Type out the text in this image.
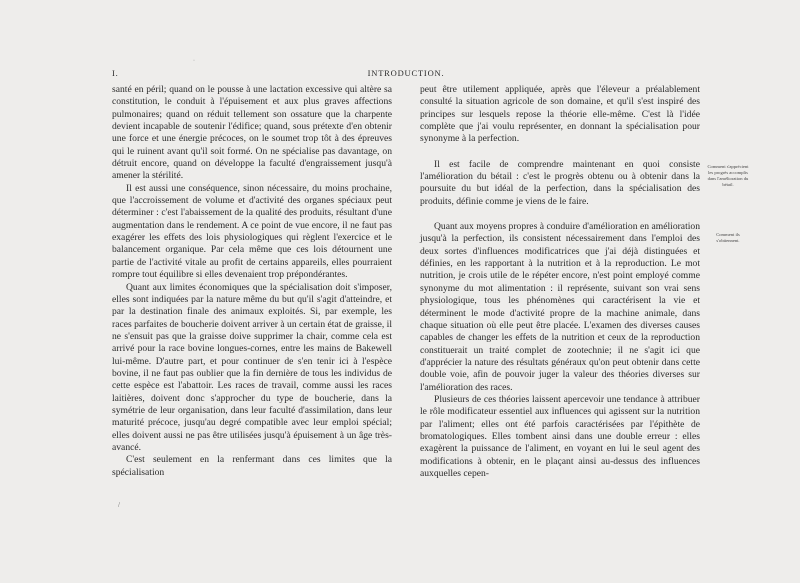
·
I.	INTRODUCTION.

santé en péril; quand on le pousse à une lactation excessive qui altère sa constitution, le conduit à l'épuisement et aux plus graves affections pulmonaires; quand on réduit tellement son ossature que la charpente devient incapable de soutenir l'édifice; quand, sous prétexte d'en obtenir une force et une énergie précoces, on le soumet trop tôt à des épreuves qui le ruinent avant qu'il soit formé. On ne spécialise pas davantage, on détruit encore, quand on développe la faculté d'engraissement jusqu'à amener la stérilité.

Il est aussi une conséquence, sinon nécessaire, du moins prochaine, que l'accroissement de volume et d'activité des organes spéciaux peut déterminer : c'est l'abaissement de la qualité des produits, résultant d'une augmentation dans le rendement. A ce point de vue encore, il ne faut pas exagérer les effets des lois physiologiques qui règlent l'exercice et le balancement organique. Par cela même que ces lois détournent une partie de l'activité vitale au profit de certains appareils, elles pourraient rompre tout équilibre si elles devenaient trop prépondérantes.

Quant aux limites économiques que la spécialisation doit s'imposer, elles sont indiquées par la nature même du but qu'il s'agit d'atteindre, et par la destination finale des animaux exploités. Si, par exemple, les races parfaites de boucherie doivent arriver à un certain état de graisse, il ne s'ensuit pas que la graisse doive supprimer la chair, comme cela est arrivé pour la race bovine longues-cornes, entre les mains de Bakewell lui-même. D'autre part, et pour continuer de s'en tenir ici à l'espèce bovine, il ne faut pas oublier que la fin dernière de tous les individus de cette espèce est l'abattoir. Les races de travail, comme aussi les races laitières, doivent donc s'approcher du type de boucherie, dans la symétrie de leur organisation, dans leur faculté d'assimilation, dans leur maturité précoce, jusqu'au degré compatible avec leur emploi spécial; elles doivent aussi ne pas être utilisées jusqu'à épuisement à un âge très-avancé.

C'est seulement en la renfermant dans ces limites que la spécialisation

peut être utilement appliquée, après que l'éleveur a préalablement consulté la situation agricole de son domaine, et qu'il s'est inspiré des principes sur lesquels repose la théorie elle-même. C'est là l'idée complète que j'ai voulu représenter, en donnant la spécialisation pour synonyme à la perfection.

Il est facile de comprendre maintenant en quoi consiste l'amélioration du bétail : c'est le progrès obtenu ou à obtenir dans la poursuite du but idéal de la perfection, dans la spécialisation des produits, définie comme je viens de le faire.

Quant aux moyens propres à conduire d'amélioration en amélioration jusqu'à la perfection, ils consistent nécessairement dans l'emploi des deux sortes d'influences modificatrices que j'ai déjà distinguées et définies, en les rapportant à la nutrition et à la reproduction. Le mot nutrition, je crois utile de le répéter encore, n'est point employé comme synonyme du mot alimentation : il représente, suivant son vrai sens physiologique, tous les phénomènes qui caractérisent la vie et déterminent le mode d'activité propre de la machine animale, dans chaque situation où elle peut être placée. L'examen des diverses causes capables de changer les effets de la nutrition et ceux de la reproduction constituerait un traité complet de zootechnie; il ne s'agit ici que d'apprécier la nature des résultats généraux qu'on peut obtenir dans cette double voie, afin de pouvoir juger la valeur des théories diverses sur l'amélioration des races.

Plusieurs de ces théories laissent apercevoir une tendance à attribuer le rôle modificateur essentiel aux influences qui agissent sur la nutrition par l'aliment; elles ont été parfois caractérisées par l'épithète de bromatologiques. Elles tombent ainsi dans une double erreur : elles exagèrent la puissance de l'aliment, en voyant en lui le seul agent des modifications à obtenir, en le plaçant ainsi au-dessus des influences auxquelles cepen-

Comment s'apprécient les progrès accomplis dans l'amélioration du bétail.
Comment ils s'obtiennent.
/
